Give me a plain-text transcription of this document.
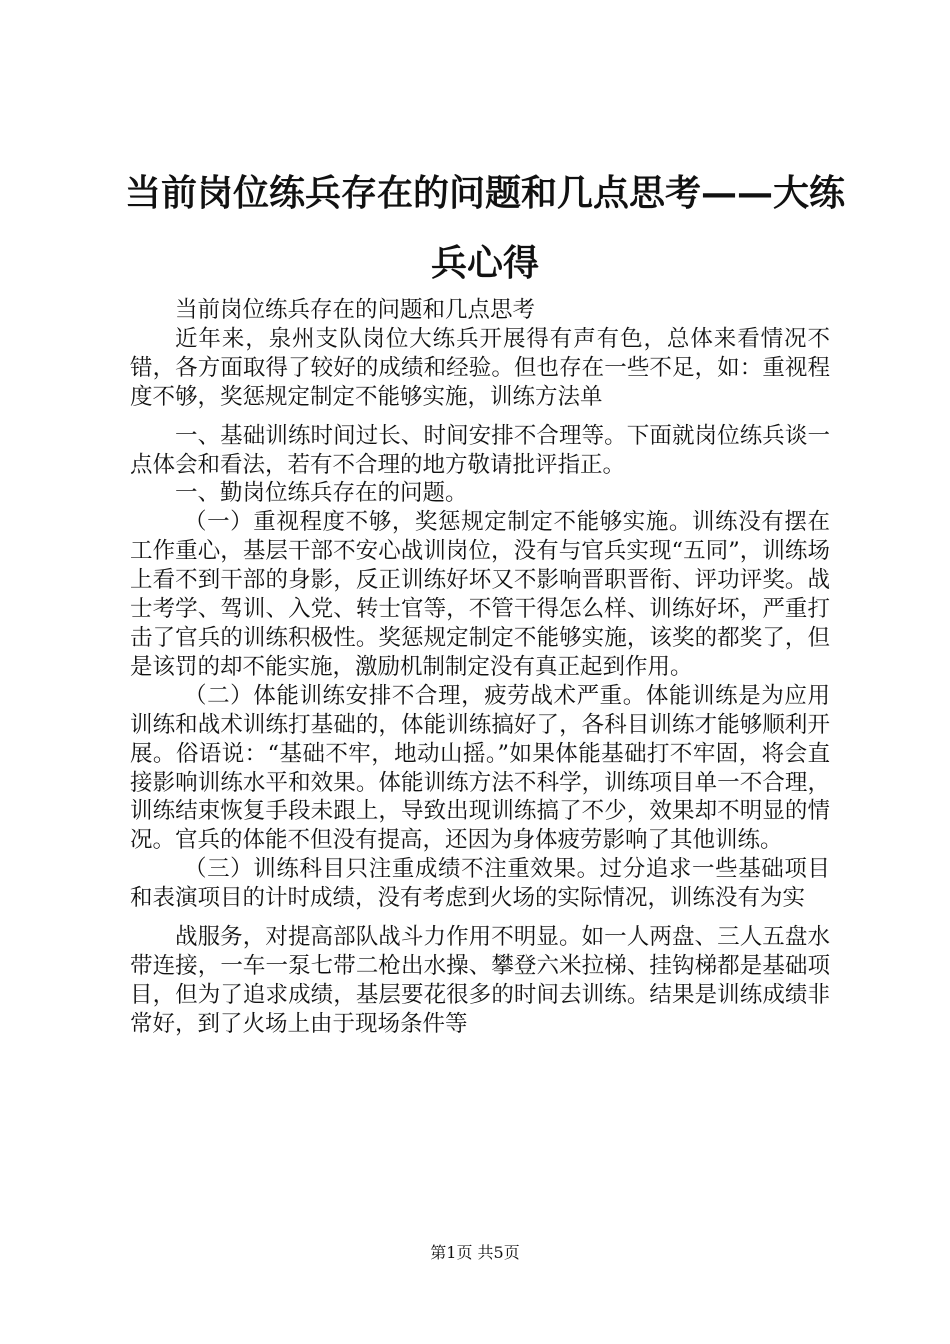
当前岗位练兵存在的问题和几点思考——大练兵心得

当前岗位练兵存在的问题和几点思考

近年来，泉州支队岗位大练兵开展得有声有色，总体来看情况不错，各方面取得了较好的成绩和经验。但也存在一些不足，如：重视程度不够，奖惩规定制定不能够实施，训练方法单

一、基础训练时间过长、时间安排不合理等。下面就岗位练兵谈一点体会和看法，若有不合理的地方敬请批评指正。

一、勤岗位练兵存在的问题。

（一）重视程度不够，奖惩规定制定不能够实施。训练没有摆在工作重心，基层干部不安心战训岗位，没有与官兵实现“五同”，训练场上看不到干部的身影，反正训练好坏又不影响晋职晋衔、评功评奖。战士考学、驾训、入党、转士官等，不管干得怎么样、训练好坏，严重打击了官兵的训练积极性。奖惩规定制定不能够实施，该奖的都奖了，但是该罚的却不能实施，激励机制制定没有真正起到作用。

（二）体能训练安排不合理，疲劳战术严重。体能训练是为应用训练和战术训练打基础的，体能训练搞好了，各科目训练才能够顺利开展。俗语说：“基础不牢，地动山摇。”如果体能基础打不牢固，将会直接影响训练水平和效果。体能训练方法不科学，训练项目单一不合理，训练结束恢复手段未跟上，导致出现训练搞了不少，效果却不明显的情况。官兵的体能不但没有提高，还因为身体疲劳影响了其他训练。

（三）训练科目只注重成绩不注重效果。过分追求一些基础项目和表演项目的计时成绩，没有考虑到火场的实际情况，训练没有为实

战服务，对提高部队战斗力作用不明显。如一人两盘、三人五盘水带连接，一车一泵七带二枪出水操、攀登六米拉梯、挂钩梯都是基础项目，但为了追求成绩，基层要花很多的时间去训练。结果是训练成绩非常好，到了火场上由于现场条件等

第1页 共5页
